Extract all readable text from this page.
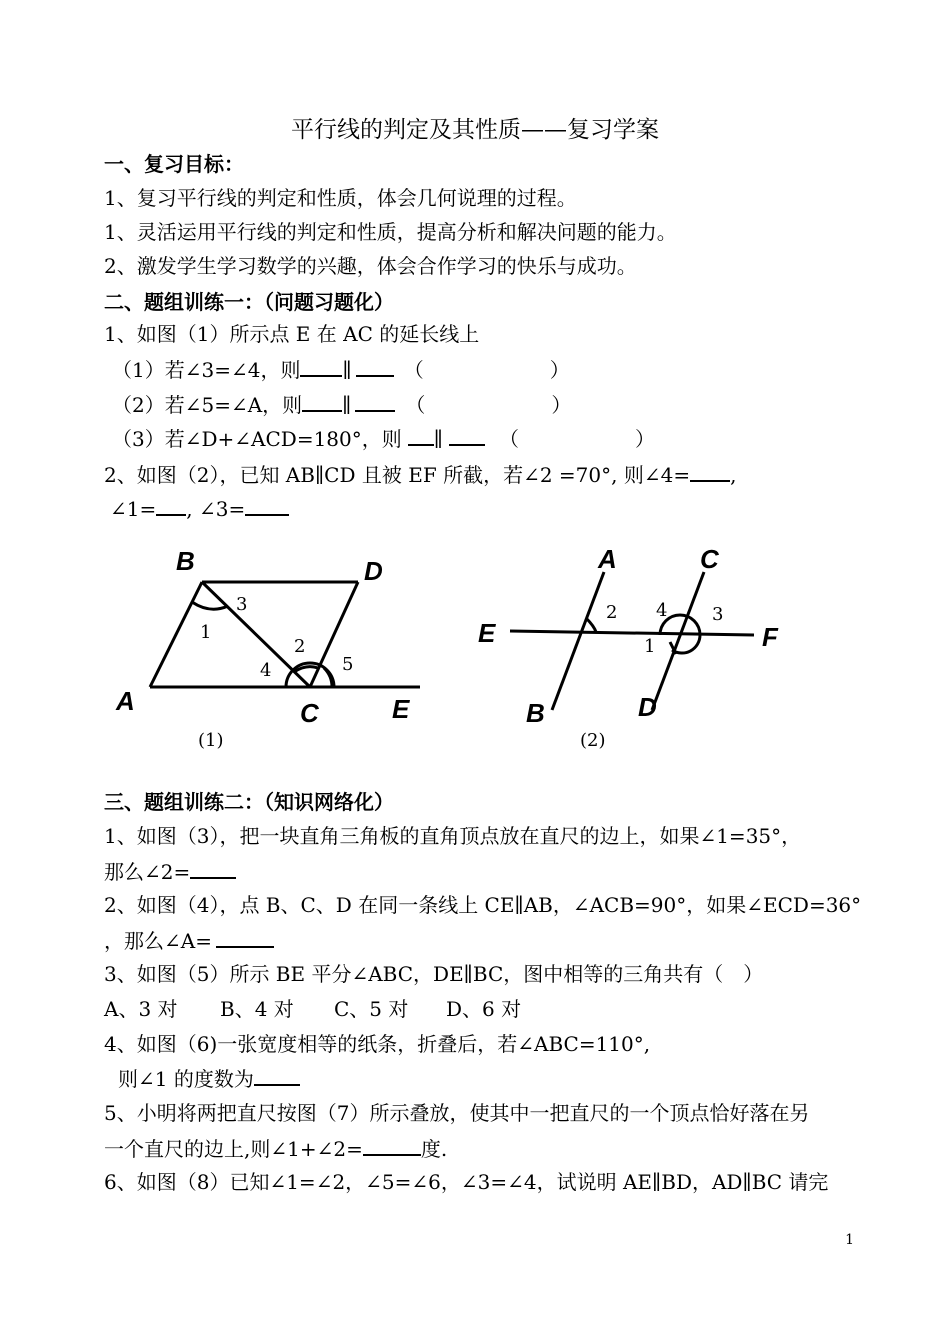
平行线的判定及其性质——复习学案
一、复习目标：
1、复习平行线的判定和性质，体会几何说理的过程。
1、灵活运用平行线的判定和性质，提高分析和解决问题的能力。
2、激发学生学习数学的兴趣，体会合作学习的快乐与成功。
二、题组训练一：（问题习题化）
1、如图（1）所示点 E 在 AC 的延长线上
（1）若∠3=∠4，则 ∥	（	）
（2）若∠5=∠A，则 ∥	（	）
（3）若∠D+∠ACD=180°，则 ∥	（	）
2、如图（2），已知 AB∥CD 且被 EF 所截，若∠2 =70°, 则∠4= ,
∠1= , ∠3=
B	D
A	C	E
1
3
2
4	5
(1)
A	C
E	F
B	D
2 4 3
1
(2)
三、题组训练二：（知识网络化）
1、如图（3），把一块直角三角板的直角顶点放在直尺的边上，如果∠1=35°，
那么∠2=
2、如图（4），点 B、C、D 在同一条线上 CE∥AB，∠ACB=90°，如果∠ECD=36°
，那么∠A=
3、如图（5）所示 BE 平分∠ABC，DE∥BC，图中相等的三角共有（　）
A、3 对 B、4 对 C、5 对 D、6 对
4、如图（6)一张宽度相等的纸条，折叠后，若∠ABC=110°,
则∠1 的度数为
5、小明将两把直尺按图（7）所示叠放，使其中一把直尺的一个顶点恰好落在另
一个直尺的边上,则∠1+∠2=	度.
6、如图（8）已知∠1=∠2，∠5=∠6，∠3=∠4，试说明 AE∥BD，AD∥BC 请完
1
